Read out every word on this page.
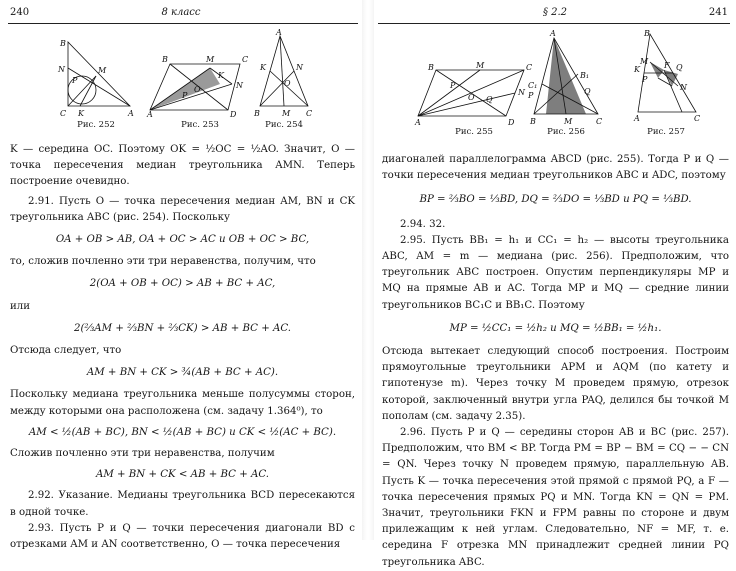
240	8 класс
B
N	M
P
C K	A
Рис. 252
B	M	C
K
O	N
A
P
D
Рис. 253
A
K	N
O
B	M C
Рис. 254

K — середина OC. Поэтому OK = ½OC = ½AO. Значит, O — точка пересечения медиан треугольника AMN. Теперь построение очевидно.

2.91. Пусть O — точка пересечения медиан AM, BN и CK треугольника ABC (рис. 254). Поскольку

OA + OB > AB, OA + OC > AC и OB + OC > BC,

то, сложив почленно эти три неравенства, получим, что

2(OA + OB + OC) > AB + BC + AC,

или

2(⅔AM + ⅔BN + ⅔CK) > AB + BC + AC.

Отсюда следует, что

AM + BN + CK > ¾(AB + BC + AC).

Поскольку медиана треугольника меньше полусуммы сторон, между которыми она расположена (см. задачу 1.364⁰), то

AM < ½(AB + BC), BN < ½(AB + BC) и CK < ½(AC + BC).

Сложив почленно эти три неравенства, получим

AM + BN + CK < AB + BC + AC.

2.92. Указание. Медианы треугольника BCD пересекаются в одной точке.

2.93. Пусть P и Q — точки пересечения диагонали BD с отрезками AM и AN соответственно, O — точка пересечения

§ 2.2	241
B	M	C
P
O Q
N
A	D
Рис. 255
A
B₁
C₁
P	Q
B	M	C
Рис. 256
B
M
K
P
F Q
N
A	C
Рис. 257

диагоналей параллелограмма ABCD (рис. 255). Тогда P и Q — точки пересечения медиан треугольников ABC и ADC, поэтому

BP = ⅔BO = ⅓BD, DQ = ⅔DO = ⅓BD и PQ = ⅓BD.

2.94. 32.

2.95. Пусть BB₁ = h₁ и CC₁ = h₂ — высоты треугольника ABC, AM = m — медиана (рис. 256). Предположим, что треугольник ABC построен. Опустим перпендикуляры MP и MQ на прямые AB и AC. Тогда MP и MQ — средние линии треугольников BC₁C и BB₁C. Поэтому

MP = ½CC₁ = ½h₂ и MQ = ½BB₁ = ½h₁.

Отсюда вытекает следующий способ построения. Построим прямоугольные треугольники APM и AQM (по катету и гипотенузе m). Через точку M проведем прямую, отрезок которой, заключенный внутри угла PAQ, делился бы точкой M пополам (см. задачу 2.35).

2.96. Пусть P и Q — середины сторон AB и BC (рис. 257). Предположим, что BM < BP. Тогда PM = BP − BM = CQ − − CN = QN. Через точку N проведем прямую, параллельную AB. Пусть K — точка пересечения этой прямой с прямой PQ, а F — точка пересечения прямых PQ и MN. Тогда KN = QN = PM. Значит, треугольники FKN и FPM равны по стороне и двум прилежащим к ней углам. Следовательно, NF = MF, т. е. середина F отрезка MN принадлежит средней линии PQ треугольника ABC.
